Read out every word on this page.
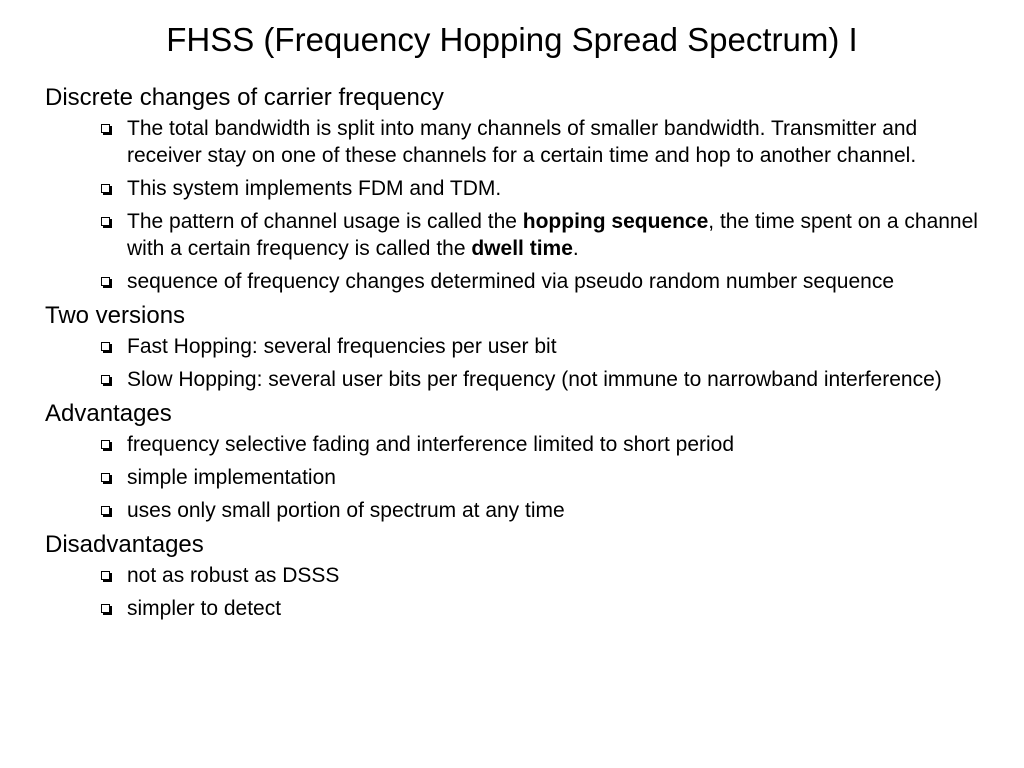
FHSS (Frequency Hopping Spread Spectrum) I
Discrete changes of carrier frequency
The total bandwidth is split into many channels of smaller bandwidth. Transmitter and receiver stay on one of these channels for a certain time and hop to another channel.
This system implements FDM and TDM.
The pattern of channel usage is called the hopping sequence, the time spent on a channel with a certain frequency is called the dwell time.
sequence of frequency changes determined via pseudo random number sequence
Two versions
Fast Hopping: several frequencies per user bit
Slow Hopping: several user bits per frequency (not immune to narrowband interference)
Advantages
frequency selective fading and interference limited to short period
simple implementation
uses only small portion of spectrum at any time
Disadvantages
not as robust as DSSS
simpler to detect
